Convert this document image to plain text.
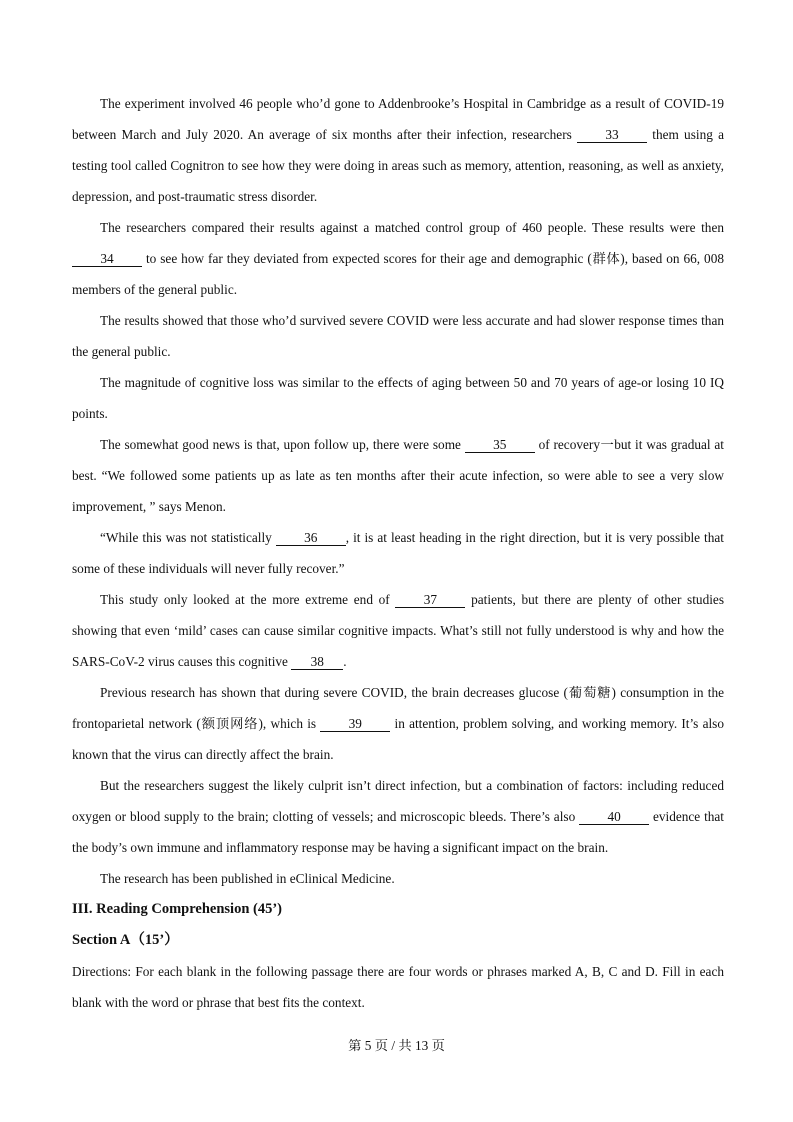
The experiment involved 46 people who’d gone to Addenbrooke’s Hospital in Cambridge as a result of COVID-19 between March and July 2020. An average of six months after their infection, researchers 33 them using a testing tool called Cognitron to see how they were doing in areas such as memory, attention, reasoning, as well as anxiety, depression, and post-traumatic stress disorder.

The researchers compared their results against a matched control group of 460 people. These results were then 34 to see how far they deviated from expected scores for their age and demographic (群体), based on 66, 008 members of the general public.

The results showed that those who’d survived severe COVID were less accurate and had slower response times than the general public.

The magnitude of cognitive loss was similar to the effects of aging between 50 and 70 years of age-or losing 10 IQ points.

The somewhat good news is that, upon follow up, there were some 35 of recovery一but it was gradual at best. “We followed some patients up as late as ten months after their acute infection, so were able to see a very slow improvement, ” says Menon.

“While this was not statistically 36 , it is at least heading in the right direction, but it is very possible that some of these individuals will never fully recover.”

This study only looked at the more extreme end of 37 patients, but there are plenty of other studies showing that even ‘mild’ cases can cause similar cognitive impacts. What’s still not fully understood is why and how the SARS-CoV-2 virus causes this cognitive 38 .

Previous research has shown that during severe COVID, the brain decreases glucose (葡萄糖) consumption in the frontoparietal network (额顶网络), which is 39 in attention, problem solving, and working memory. It’s also known that the virus can directly affect the brain.

But the researchers suggest the likely culprit isn’t direct infection, but a combination of factors: including reduced oxygen or blood supply to the brain; clotting of vessels; and microscopic bleeds. There’s also 40 evidence that the body’s own immune and inflammatory response may be having a significant impact on the brain.

The research has been published in eClinical Medicine.

III. Reading Comprehension (45’)

Section A（15’）

Directions: For each blank in the following passage there are four words or phrases marked A, B, C and D. Fill in each blank with the word or phrase that best fits the context.

第 5 页 / 共 13 页
